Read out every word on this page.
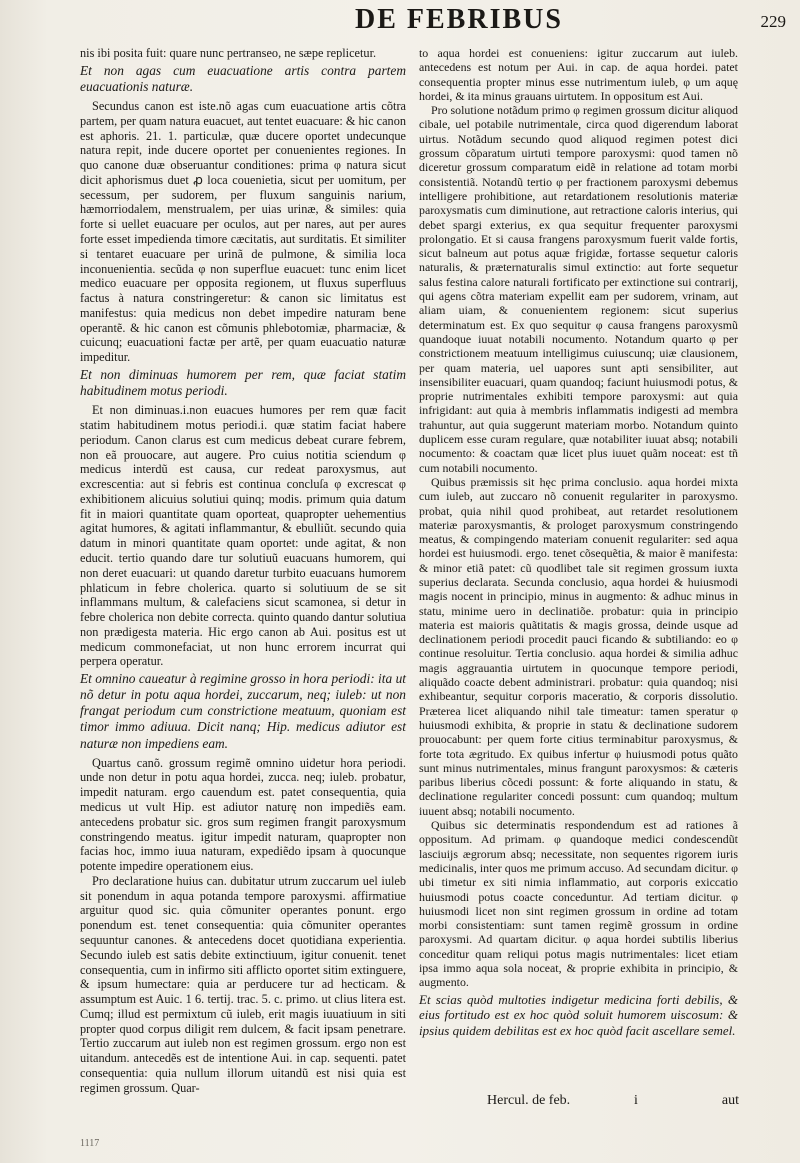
DE FEBRIBUS	229

nis ibi posita fuit: quare nunc pertranseo, ne sæpe replicetur.

Et non agas cum euacuatione artis contra partem euacuationis naturæ.

Secundus canon est iste.nõ agas cum euacuatione artis cõtra partem, per quam natura euacuet, aut tentet euacuare: & hic canon est aphoris. 21. 1. particulæ, quæ ducere oportet undecunque natura repit, inde ducere oportet per conuenientes regiones. In quo canone duæ obseruantur conditiones: prima φ natura sicut dicit aphorismus duet ꝓ loca couenietia, sicut per uomitum, per secessum, per sudorem, per fluxum sanguinis narium, hæmorriodalem, menstrualem, per uias urinæ, & similes: quia forte si uellet euacuare per oculos, aut per nares, aut per aures forte esset impedienda timore cæcitatis, aut surditatis. Et similiter si tentaret euacuare per urinã de pulmone, & similia loca inconuenientia. secũda φ non superflue euacuet: tunc enim licet medico euacuare per opposita regionem, ut fluxus superfluus factus à natura constringeretur: & canon sic limitatus est manifestus: quia medicus non debet impedire naturam bene operantẽ. & hic canon est cõmunis phlebotomiæ, pharmaciæ, & cuicunq; euacuationi factæ per artẽ, per quam euacuatio naturæ impeditur.

Et non diminuas humorem per rem, quæ faciat statim habitudinem motus periodi.

Et non diminuas.i.non euacues humores per rem quæ facit statim habitudinem motus periodi.i. quæ statim faciat habere periodum. Canon clarus est cum medicus debeat curare febrem, non eã prouocare, aut augere. Pro cuius notitia sciendum φ medicus interdũ est causa, cur redeat paroxysmus, aut excrescentia: aut si febris est continua concluſa φ excrescat φ exhibitionem alicuius solutiui quinq; modis. primum quia datum fit in maiori quantitate quam oporteat, quapropter uehementius agitat humores, & agitati inflammantur, & ebulliũt. secundo quia datum in minori quantitate quam oportet: unde agitat, & non educit. tertio quando dare tur solutiuũ euacuans humorem, qui non deret euacuari: ut quando daretur turbito euacuans humorem phlaticum in febre cholerica. quarto si solutiuum de se sit inflammans multum, & calefaciens sicut scamonea, si detur in febre cholerica non debite correcta. quinto quando dantur solutiua non prædigesta materia. Hic ergo canon ab Aui. positus est ut medicum commonefaciat, ut non hunc errorem incurrat qui perpera operatur.

Et omnino caueatur à regimine grosso in hora periodi: ita ut nõ detur in potu aqua hordei, zuccarum, neq; iuleb: ut non frangat periodum cum constrictione meatuum, quoniam est timor immo adiuua. Dicit nanq; Hip. medicus adiutor est naturæ non impediens eam.

Quartus canõ. grossum regimẽ omnino uidetur hora periodi. unde non detur in potu aqua hordei, zucca. neq; iuleb. probatur, impedit naturam. ergo cauendum est. patet consequentia, quia medicus ut vult Hip. est adiutor naturę non impediẽs eam. antecedens probatur sic. gros sum regimen frangit paroxysmum constringendo meatus. igitur impedit naturam, quapropter non facias hoc, immo iuua naturam, expediẽdo ipsam à quocunque potente impedire operationem eius.

Pro declaratione huius can. dubitatur utrum zuccarum uel iuleb sit ponendum in aqua potanda tempore paroxysmi. affirmatiue arguitur quod sic. quia cõmuniter operantes ponunt. ergo ponendum est. tenet consequentia: quia cõmuniter operantes sequuntur canones. & antecedens docet quotidiana experientia. Secundo iuleb est satis debite extinctiuum, igitur conuenit. tenet consequentia, cum in infirmo siti afflicto oportet sitim extinguere, & ipsum humectare: quia ar perducere tur ad hecticam. & assumptum est Auic. 1 6. tertij. trac. 5. c. primo. ut clius litera est. Cumq; illud est permixtum cũ iuleb, erit magis iuuatiuum in siti propter quod corpus diligit rem dulcem, & facit ipsam penetrare. Tertio zuccarum aut iuleb non est regimen grossum. ergo non est uitandum. antecedẽs est de intentione Aui. in cap. sequenti. patet consequentia: quia nullum illorum uitandũ est nisi quia est regimen grossum. Quar-

to aqua hordei est conueniens: igitur zuccarum aut iuleb. antecedens est notum per Aui. in cap. de aqua hordei. patet consequentia propter minus esse nutrimentum iuleb, φ um aquę hordei, & ita minus grauans uirtutem. In oppositum est Aui.

Pro solutione notãdum primo φ regimen grossum dicitur aliquod cibale, uel potabile nutrimentale, circa quod digerendum laborat uirtus. Notãdum secundo quod aliquod regimen potest dici grossum cõparatum uirtuti tempore paroxysmi: quod tamen nõ diceretur grossum comparatum eidẽ in relatione ad totam morbi consistentiã. Notandũ tertio φ per fractionem paroxysmi debemus intelligere prohibitione, aut retardationem resolutionis materiæ paroxysmatis cum diminutione, aut retractione caloris interius, qui debet spargi exterius, ex qua sequitur frequenter paroxysmi prolongatio. Et si causa frangens paroxysmum fuerit valde fortis, sicut balneum aut potus aquæ frigidæ, fortasse sequetur caloris naturalis, & præternaturalis simul extinctio: aut forte sequetur salus festina calore naturali fortificato per extinctione sui contrarij, qui agens cõtra materiam expellit eam per sudorem, vrinam, aut aliam uiam, & conuenientem regionem: sicut superius determinatum est. Ex quo sequitur φ causa frangens paroxysmũ quandoque iuuat notabili nocumento. Notandum quarto φ per constrictionem meatuum intelligimus cuiuscunq; uiæ clausionem, per quam materia, uel uapores sunt apti sensibiliter, aut insensibiliter euacuari, quam quandoq; faciunt huiusmodi potus, & proprie nutrimentales exhibiti tempore paroxysmi: aut quia infrigidant: aut quia à membris inflammatis indigesti ad membra trahuntur, aut quia suggerunt materiam morbo. Notandum quinto duplicem esse curam regulare, quæ notabiliter iuuat absq; notabili nocumento: & coactam quæ licet plus iuuet quãm noceat: est tñ cum notabili nocumento.

Quibus præmissis sit hęc prima conclusio. aqua hordei mixta cum iuleb, aut zuccaro nõ conuenit regulariter in paroxysmo. probat, quia nihil quod prohibeat, aut retardet resolutionem materiæ paroxysmantis, & prologet paroxysmum constringendo meatus, & compingendo materiam conuenit regulariter: sed aqua hordei est huiusmodi. ergo. tenet cõsequẽtia, & maior ẽ manifesta: & minor etiã patet: cũ quodlibet tale sit regimen grossum iuxta superius declarata. Secunda conclusio, aqua hordei & huiusmodi magis nocent in principio, minus in augmento: & adhuc minus in statu, minime uero in declinatiõe. probatur: quia in principio materia est maioris quãtitatis & magis grossa, deinde usque ad declinationem periodi procedit pauci ficando & subtiliando: eo φ continue resoluitur. Tertia conclusio. aqua hordei & similia adhuc magis aggrauantia uirtutem in quocunque tempore periodi, aliquãdo coacte debent administrari. probatur: quia quandoq; nisi exhibeantur, sequitur corporis maceratio, & corporis dissolutio. Præterea licet aliquando nihil tale timeatur: tamen speratur φ huiusmodi exhibita, & proprie in statu & declinatione sudorem prouocabunt: per quem forte citius terminabitur paroxysmus, & forte tota ægritudo. Ex quibus infertur φ huiusmodi potus quãto sunt minus nutrimentales, minus frangunt paroxysmos: & cæteris paribus liberius cõcedi possunt: & forte aliquando in statu, & declinatione regulariter concedi possunt: cum quandoq; multum iuuent absq; notabili nocumento.

Quibus sic determinatis respondendum est ad rationes ã oppositum. Ad primam. φ quandoque medici condescendũt lasciuijs ægrorum absq; necessitate, non sequentes rigorem iuris medicinalis, inter quos me primum accuso. Ad secundam dicitur. φ ubi timetur ex siti nimia inflammatio, aut corporis exiccatio huiusmodi potus coacte conceduntur. Ad tertiam dicitur. φ huiusmodi licet non sint regimen grossum in ordine ad totam morbi consistentiam: sunt tamen regimẽ grossum in ordine paroxysmi. Ad quartam dicitur. φ aqua hordei subtilis liberius conceditur quam reliqui potus magis nutrimentales: licet etiam ipsa immo aqua sola noceat, & proprie exhibita in principio, & augmento.

Et scias quòd multoties indigetur medicina forti debilis, & eius fortitudo est ex hoc quòd soluit humorem uiscosum: & ipsius quidem debilitas est ex hoc quòd facit ascellare semel.

Hercul. de feb.	i	aut
1117
